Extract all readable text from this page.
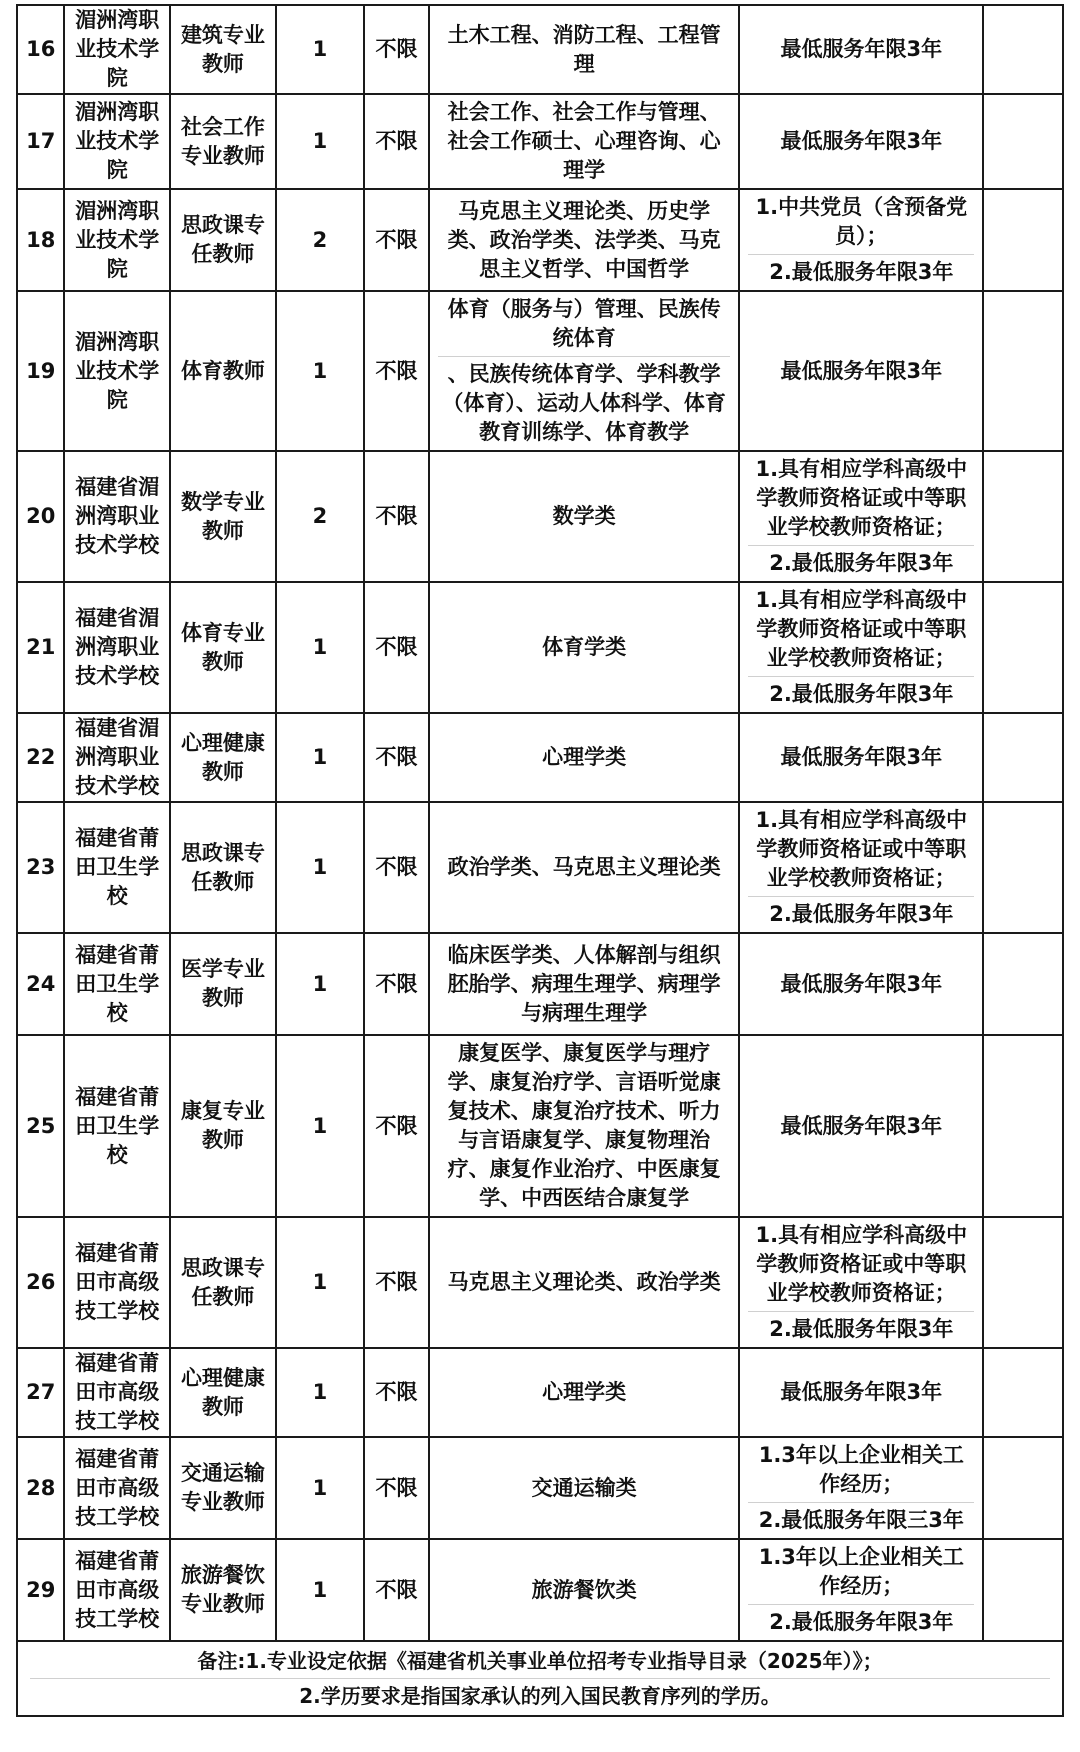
16	湄洲湾职业技术学院	建筑专业教师	1	不限	土木工程、消防工程、工程管理	最低服务年限3年	

17	湄洲湾职业技术学院	社会工作专业教师	1	不限	社会工作、社会工作与管理、社会工作硕士、心理咨询、心理学	最低服务年限3年	

18	湄洲湾职业技术学院	思政课专任教师	2	不限	马克思主义理论类、历史学类、政治学类、法学类、马克思主义哲学、中国哲学	1.中共党员（含预备党员）；
2.最低服务年限3年	

19	湄洲湾职业技术学院	体育教师	1	不限	体育（服务与）管理、民族传统体育
、民族传统体育学、学科教学（体育）、运动人体科学、体育教育训练学、体育教学	最低服务年限3年	

20	福建省湄洲湾职业技术学校	数学专业教师	2	不限	数学类	1.具有相应学科高级中学教师资格证或中等职业学校教师资格证；
2.最低服务年限3年	

21	福建省湄洲湾职业技术学校	体育专业教师	1	不限	体育学类	1.具有相应学科高级中学教师资格证或中等职业学校教师资格证；
2.最低服务年限3年	

22	福建省湄洲湾职业技术学校	心理健康教师	1	不限	心理学类	最低服务年限3年	

23	福建省莆田卫生学校	思政课专任教师	1	不限	政治学类、马克思主义理论类	1.具有相应学科高级中学教师资格证或中等职业学校教师资格证；
2.最低服务年限3年	

24	福建省莆田卫生学校	医学专业教师	1	不限	临床医学类、人体解剖与组织胚胎学、病理生理学、病理学与病理生理学	最低服务年限3年	

25	福建省莆田卫生学校	康复专业教师	1	不限	康复医学、康复医学与理疗学、康复治疗学、言语听觉康复技术、康复治疗技术、听力与言语康复学、康复物理治疗、康复作业治疗、中医康复学、中西医结合康复学	最低服务年限3年	

26	福建省莆田市高级技工学校	思政课专任教师	1	不限	马克思主义理论类、政治学类	1.具有相应学科高级中学教师资格证或中等职业学校教师资格证；
2.最低服务年限3年	

27	福建省莆田市高级技工学校	心理健康教师	1	不限	心理学类	最低服务年限3年	

28	福建省莆田市高级技工学校	交通运输专业教师	1	不限	交通运输类	1.3年以上企业相关工作经历；
2.最低服务年限三3年	

29	福建省莆田市高级技工学校	旅游餐饮专业教师	1	不限	旅游餐饮类	1.3年以上企业相关工作经历；
2.最低服务年限3年	

备注:1.专业设定依据《福建省机关事业单位招考专业指导目录（2025年）》；
2.学历要求是指国家承认的列入国民教育序列的学历。							
